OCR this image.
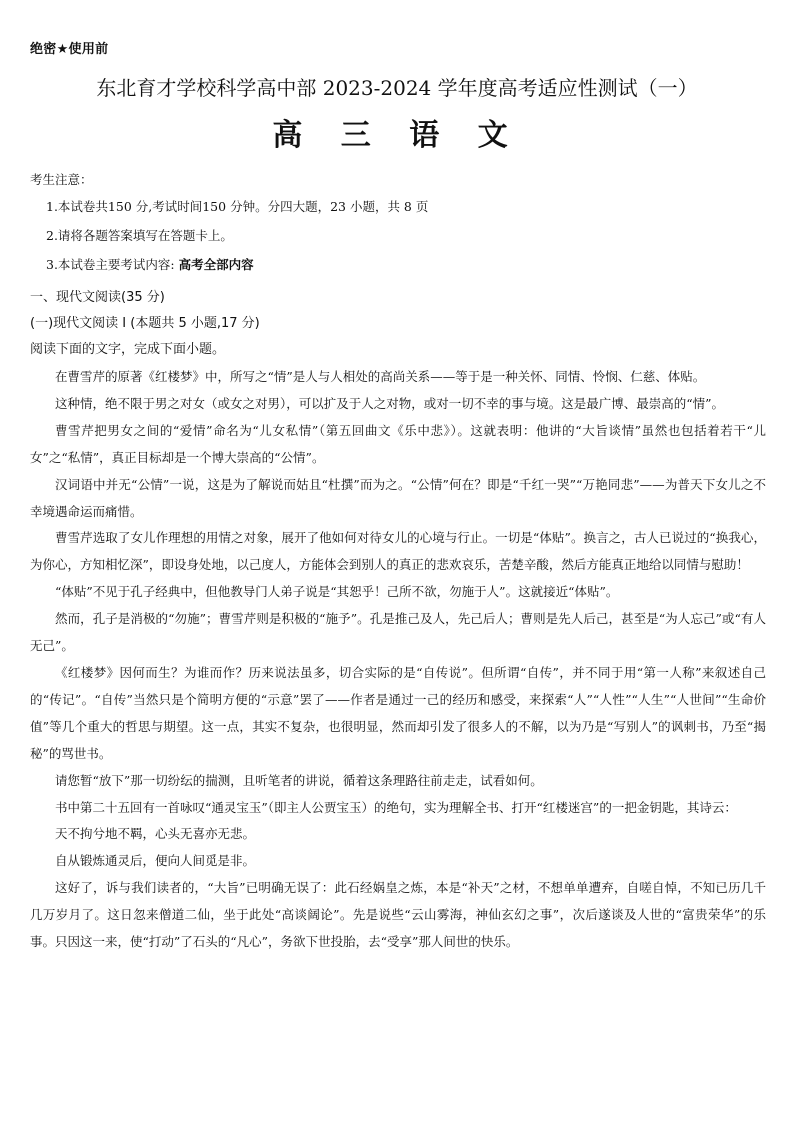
绝密★使用前
东北育才学校科学高中部 2023-2024 学年度高考适应性测试（一）
高 三 语 文
考生注意：
1.本试卷共150 分,考试时间150 分钟。分四大题，23 小题，共 8 页
2.请将各题答案填写在答题卡上。
3.本试卷主要考试内容: 高考全部内容
一、现代文阅读(35 分)
(一)现代文阅读 I (本题共 5 小题,17 分)
阅读下面的文字，完成下面小题。

在曹雪芹的原著《红楼梦》中，所写之“情”是人与人相处的高尚关系——等于是一种关怀、同情、怜悯、仁慈、体贴。

这种情，绝不限于男之对女（或女之对男），可以扩及于人之对物，或对一切不幸的事与境。这是最广博、最崇高的“情”。

曹雪芹把男女之间的“爱情”命名为“儿女私情”（第五回曲文《乐中悲》）。这就表明：他讲的“大旨谈情”虽然也包括着若干“儿女”之“私情”，真正目标却是一个博大崇高的“公情”。

汉词语中并无“公情”一说，这是为了解说而姑且“杜撰”而为之。“公情”何在？即是“千红一哭”“万艳同悲”——为普天下女儿之不幸境遇命运而痛惜。

曹雪芹选取了女儿作理想的用情之对象，展开了他如何对待女儿的心境与行止。一切是“体贴”。换言之，古人已说过的“换我心，为你心，方知相忆深”，即设身处地，以己度人，方能体会到别人的真正的悲欢哀乐，苦楚辛酸，然后方能真正地给以同情与慰助！

“体贴”不见于孔子经典中，但他教导门人弟子说是“其恕乎！己所不欲，勿施于人”。这就接近“体贴”。

然而，孔子是消极的“勿施”；曹雪芹则是积极的“施予”。孔是推己及人，先己后人；曹则是先人后己，甚至是“为人忘己”或“有人无己”。

《红楼梦》因何而生？为谁而作？历来说法虽多，切合实际的是“自传说”。但所谓“自传”，并不同于用“第一人称”来叙述自己的“传记”。“自传”当然只是个简明方便的“示意”罢了——作者是通过一己的经历和感受，来探索“人”“人性”“人生”“人世间”“生命价值”等几个重大的哲思与期望。这一点，其实不复杂，也很明显，然而却引发了很多人的不解，以为乃是“写别人”的讽刺书，乃至“揭秘”的骂世书。

请您暂“放下”那一切纷纭的揣测，且听笔者的讲说，循着这条理路往前走走，试看如何。

书中第二十五回有一首咏叹“通灵宝玉”（即主人公贾宝玉）的绝句，实为理解全书、打开“红楼迷宫”的一把金钥匙，其诗云：

天不拘兮地不羁，心头无喜亦无悲。

自从锻炼通灵后，便向人间觅是非。

这好了，诉与我们读者的，“大旨”已明确无误了：此石经娲皇之炼，本是“补天”之材，不想单单遭弃，自嗟自悼，不知已历几千几万岁月了。这日忽来僧道二仙，坐于此处“高谈阔论”。先是说些“云山雾海，神仙玄幻之事”，次后遂谈及人世的“富贵荣华”的乐事。只因这一来，使“打动”了石头的“凡心”，务欲下世投胎，去“受享”那人间世的快乐。
